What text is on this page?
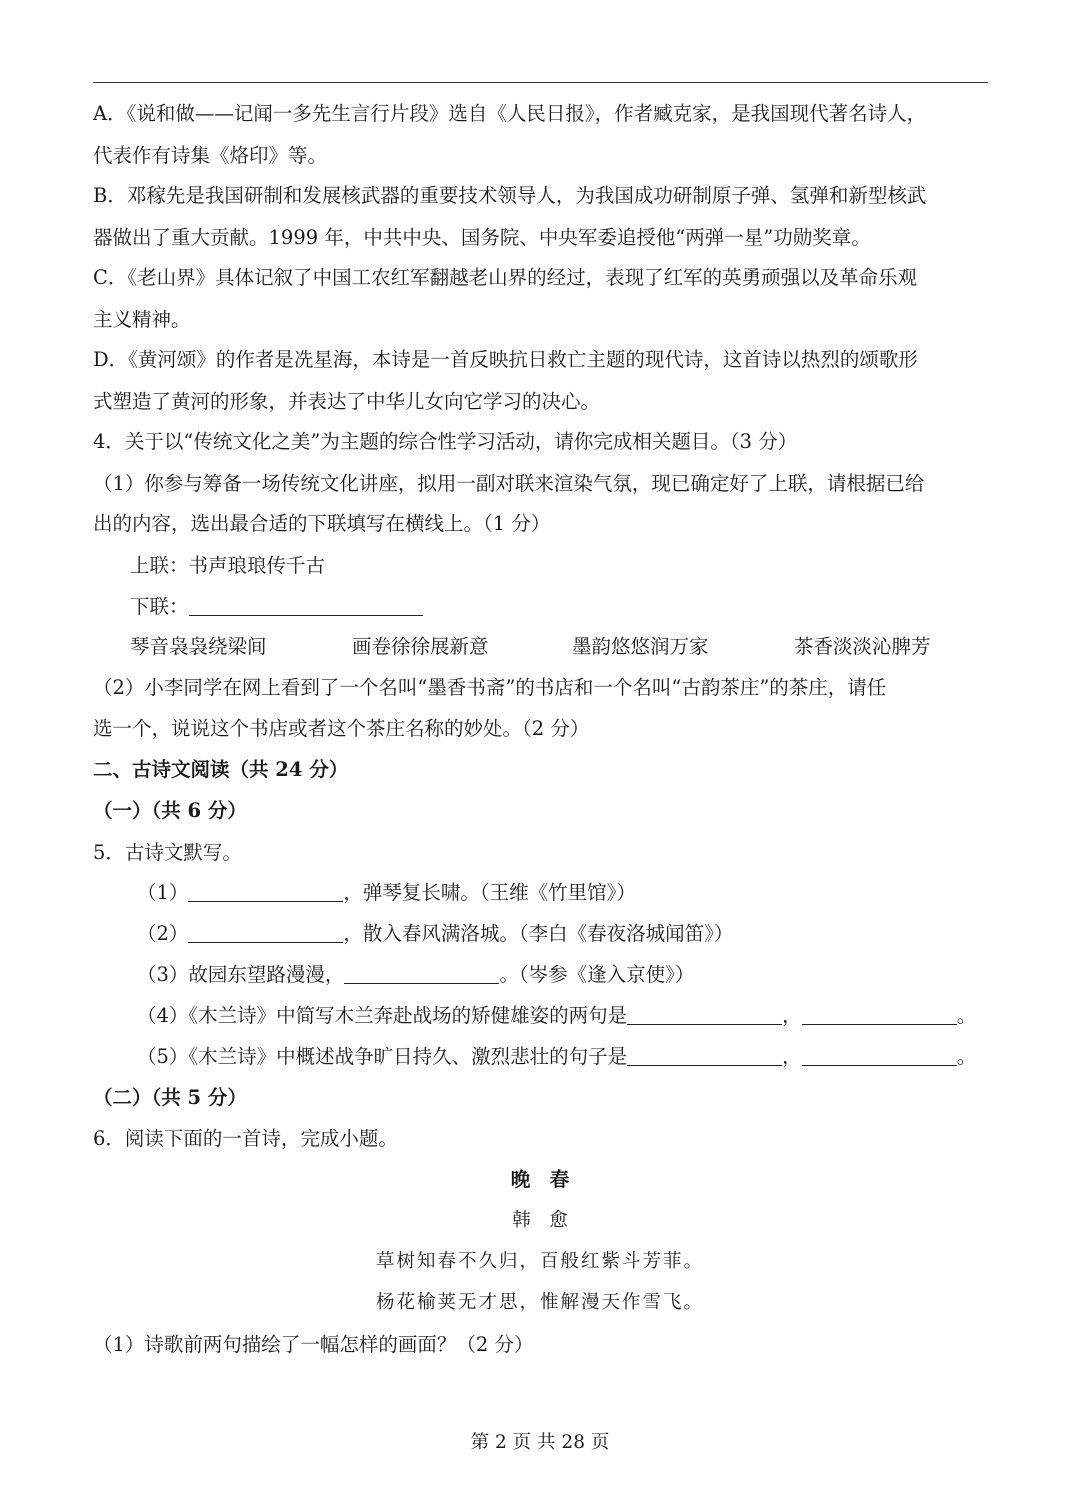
A．《说和做——记闻一多先生言行片段》选自《人民日报》，作者臧克家，是我国现代著名诗人，
代表作有诗集《烙印》等。
B．邓稼先是我国研制和发展核武器的重要技术领导人，为我国成功研制原子弹、氢弹和新型核武
器做出了重大贡献。1999 年，中共中央、国务院、中央军委追授他“两弹一星”功勋奖章。
C．《老山界》具体记叙了中国工农红军翻越老山界的经过，表现了红军的英勇顽强以及革命乐观
主义精神。
D．《黄河颂》的作者是冼星海，本诗是一首反映抗日救亡主题的现代诗，这首诗以热烈的颂歌形
式塑造了黄河的形象，并表达了中华儿女向它学习的决心。
4．关于以“传统文化之美”为主题的综合性学习活动，请你完成相关题目。（3 分）
（1）你参与筹备一场传统文化讲座，拟用一副对联来渲染气氛，现已确定好了上联，请根据已给
出的内容，选出最合适的下联填写在横线上。（1 分）
上联：书声琅琅传千古
下联：
琴音袅袅绕梁间	画卷徐徐展新意	墨韵悠悠润万家	茶香淡淡沁脾芳
（2）小李同学在网上看到了一个名叫“墨香书斋”的书店和一个名叫“古韵茶庄”的茶庄，请任
选一个，说说这个书店或者这个茶庄名称的妙处。（2 分）
二、古诗文阅读（共 24 分）
（一）（共 6 分）
5．古诗文默写。
（1）	，弹琴复长啸。（王维《竹里馆》）
（2）	，散入春风满洛城。（李白《春夜洛城闻笛》）
（3）故园东望路漫漫，	。（岑参《逢入京使》）
（4）《木兰诗》中简写木兰奔赴战场的矫健雄姿的两句是	，	。
（5）《木兰诗》中概述战争旷日持久、激烈悲壮的句子是	，	。
（二）（共 5 分）
6．阅读下面的一首诗，完成小题。
晚　春
韩　愈
草树知春不久归，百般红紫斗芳菲。
杨花榆荚无才思，惟解漫天作雪飞。
（1）诗歌前两句描绘了一幅怎样的画面？（2 分）
第 2 页 共 28 页
